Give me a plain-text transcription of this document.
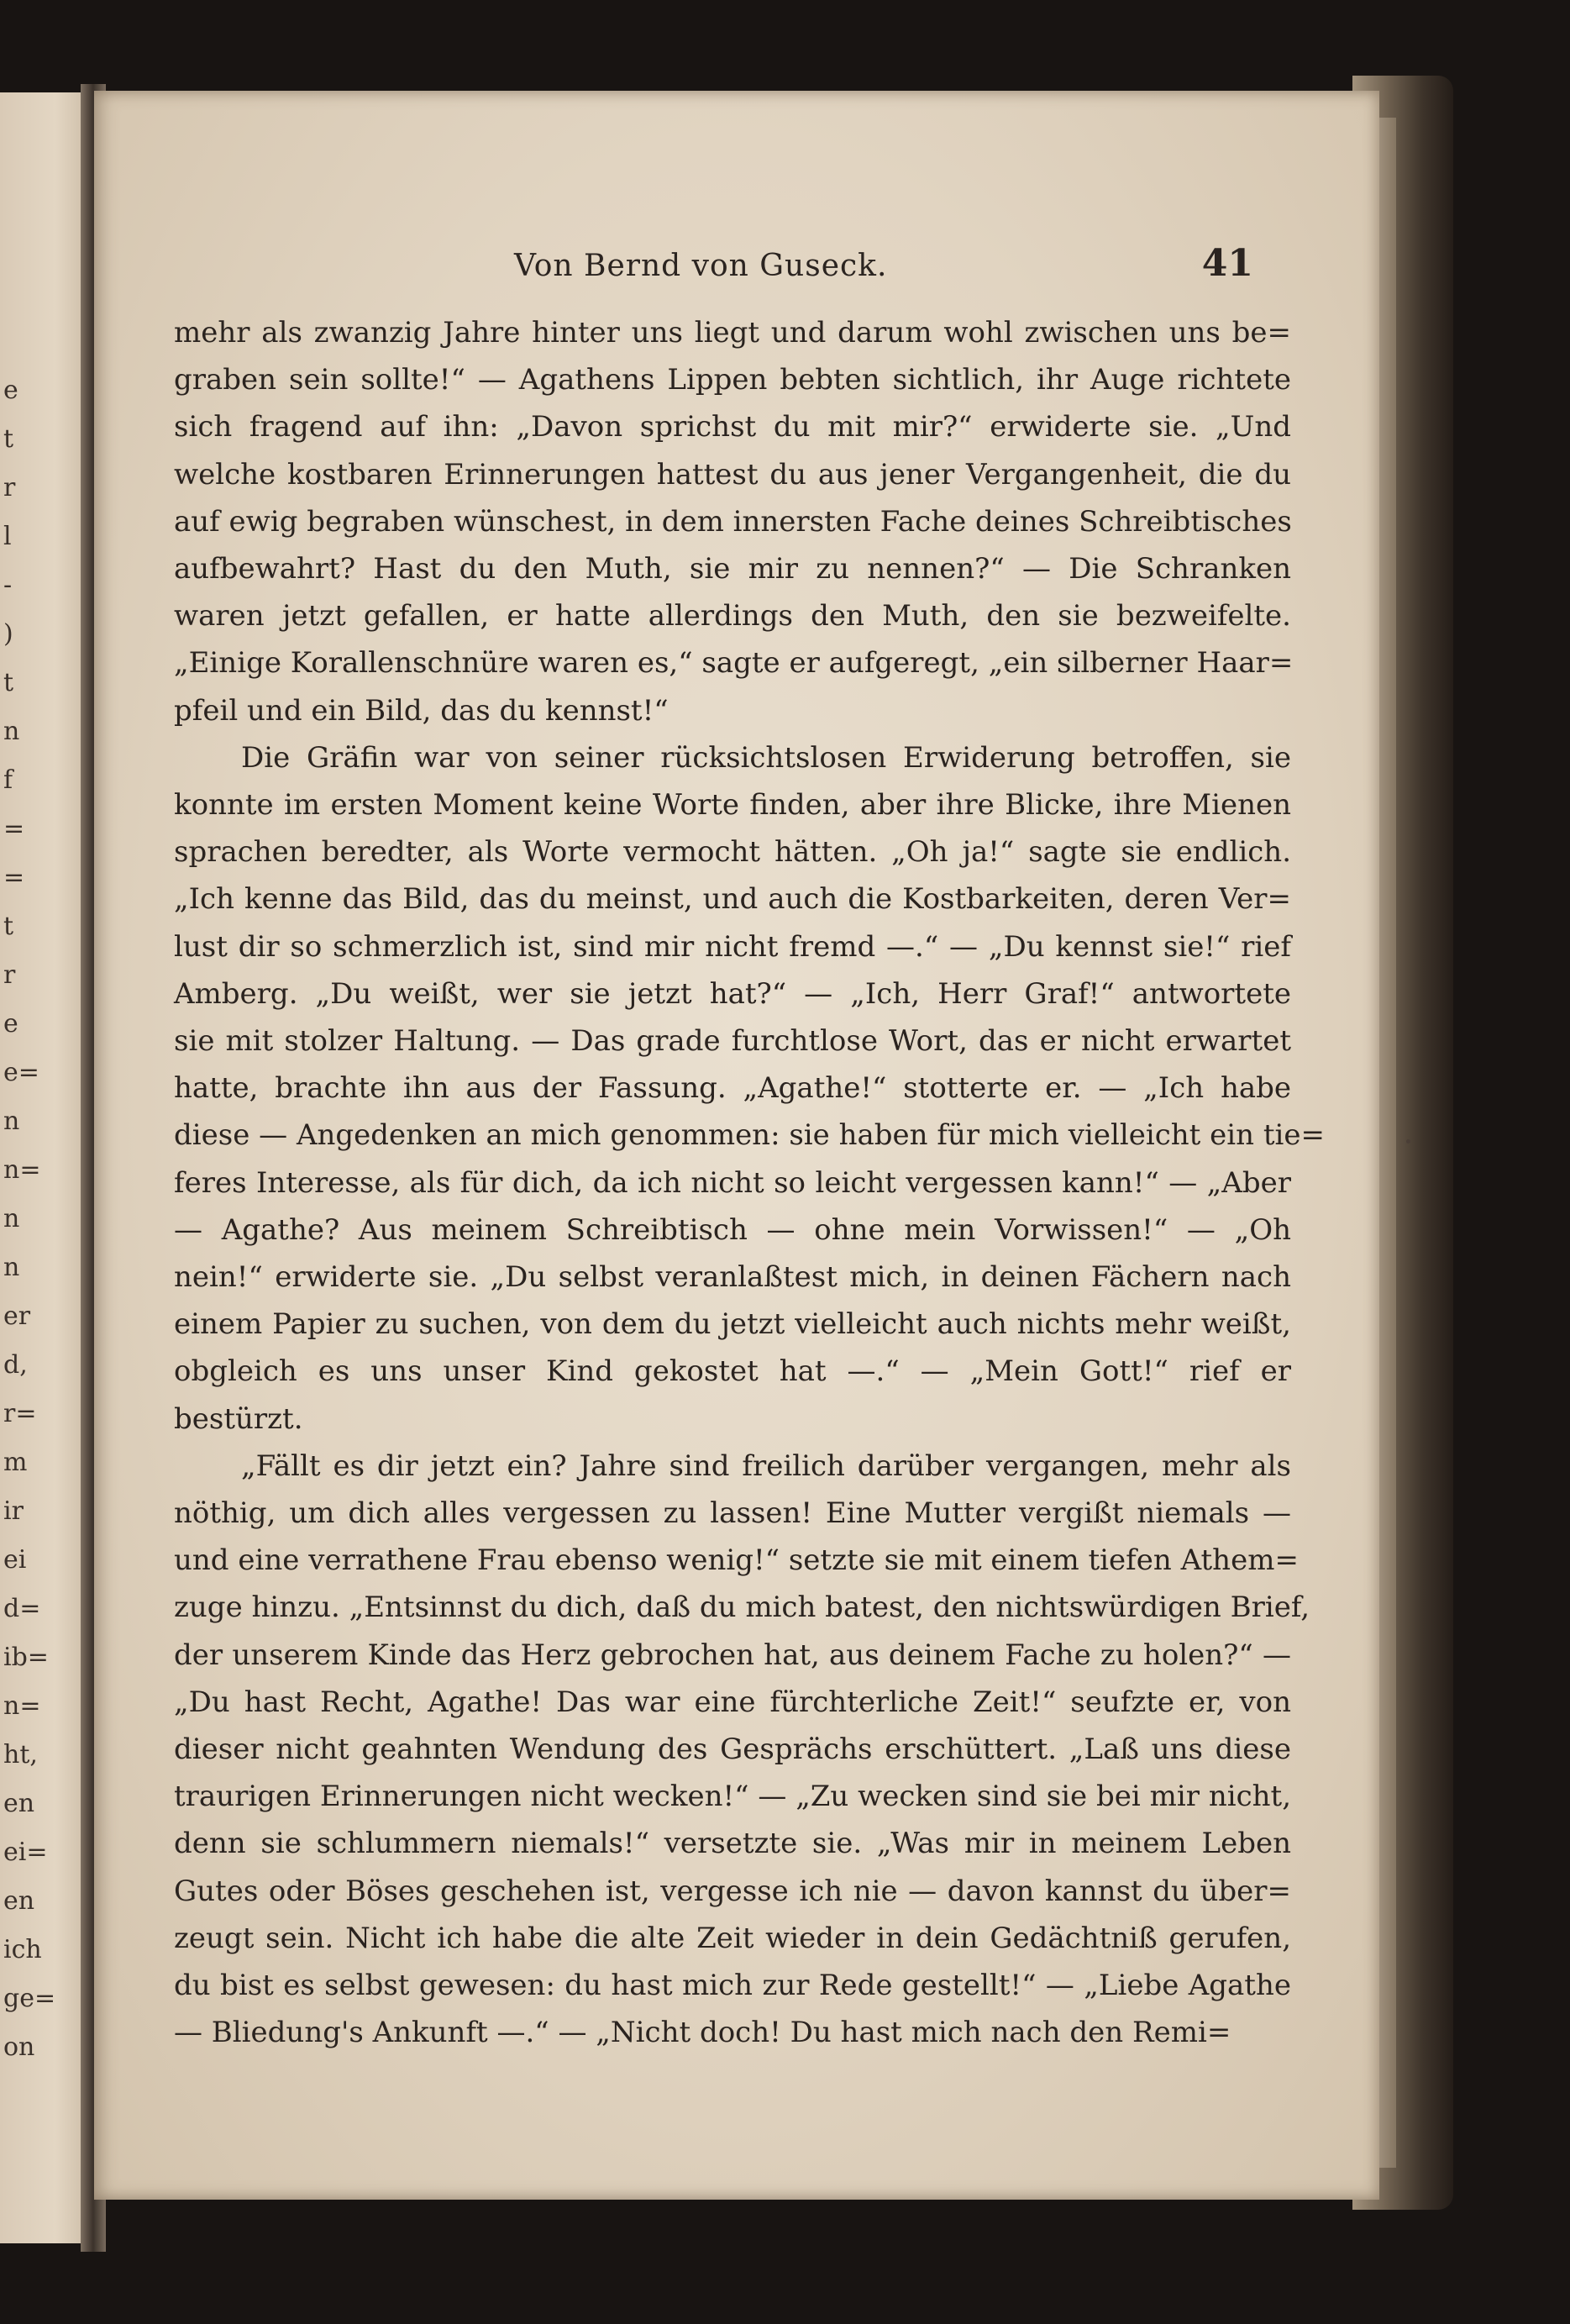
e
t
r
l
-
)
t
n
f
=
=
t
r
e
e=
n
n=
n
n
er
d,
r=
m
ir
ei
d=
ib=
n=
ht,
en
ei=
en
ich
ge=
on
Von Bernd von Guseck.	41
mehr als zwanzig Jahre hinter uns liegt und darum wohl zwischen uns be=
graben sein sollte!“ — Agathens Lippen bebten sichtlich, ihr Auge richtete
sich fragend auf ihn: „Davon sprichst du mit mir?“ erwiderte sie. „Und
welche kostbaren Erinnerungen hattest du aus jener Vergangenheit, die du
auf ewig begraben wünschest, in dem innersten Fache deines Schreibtisches
aufbewahrt? Hast du den Muth, sie mir zu nennen?“ — Die Schranken
waren jetzt gefallen, er hatte allerdings den Muth, den sie bezweifelte.
„Einige Korallenschnüre waren es,“ sagte er aufgeregt, „ein silberner Haar=
pfeil und ein Bild, das du kennst!“
Die Gräfin war von seiner rücksichtslosen Erwiderung betroffen, sie
konnte im ersten Moment keine Worte finden, aber ihre Blicke, ihre Mienen
sprachen beredter, als Worte vermocht hätten. „Oh ja!“ sagte sie endlich.
„Ich kenne das Bild, das du meinst, und auch die Kostbarkeiten, deren Ver=
lust dir so schmerzlich ist, sind mir nicht fremd —.“ — „Du kennst sie!“ rief
Amberg. „Du weißt, wer sie jetzt hat?“ — „Ich, Herr Graf!“ antwortete
sie mit stolzer Haltung. — Das grade furchtlose Wort, das er nicht erwartet
hatte, brachte ihn aus der Fassung. „Agathe!“ stotterte er. — „Ich habe
diese — Angedenken an mich genommen: sie haben für mich vielleicht ein tie=
feres Interesse, als für dich, da ich nicht so leicht vergessen kann!“ — „Aber
— Agathe? Aus meinem Schreibtisch — ohne mein Vorwissen!“ — „Oh
nein!“ erwiderte sie. „Du selbst veranlaßtest mich, in deinen Fächern nach
einem Papier zu suchen, von dem du jetzt vielleicht auch nichts mehr weißt,
obgleich es uns unser Kind gekostet hat —.“ — „Mein Gott!“ rief er
bestürzt.
„Fällt es dir jetzt ein? Jahre sind freilich darüber vergangen, mehr als
nöthig, um dich alles vergessen zu lassen! Eine Mutter vergißt niemals —
und eine verrathene Frau ebenso wenig!“ setzte sie mit einem tiefen Athem=
zuge hinzu. „Entsinnst du dich, daß du mich batest, den nichtswürdigen Brief,
der unserem Kinde das Herz gebrochen hat, aus deinem Fache zu holen?“ —
„Du hast Recht, Agathe! Das war eine fürchterliche Zeit!“ seufzte er, von
dieser nicht geahnten Wendung des Gesprächs erschüttert. „Laß uns diese
traurigen Erinnerungen nicht wecken!“ — „Zu wecken sind sie bei mir nicht,
denn sie schlummern niemals!“ versetzte sie. „Was mir in meinem Leben
Gutes oder Böses geschehen ist, vergesse ich nie — davon kannst du über=
zeugt sein. Nicht ich habe die alte Zeit wieder in dein Gedächtniß gerufen,
du bist es selbst gewesen: du hast mich zur Rede gestellt!“ — „Liebe Agathe
— Bliedung's Ankunft —.“ — „Nicht doch! Du hast mich nach den Remi=
